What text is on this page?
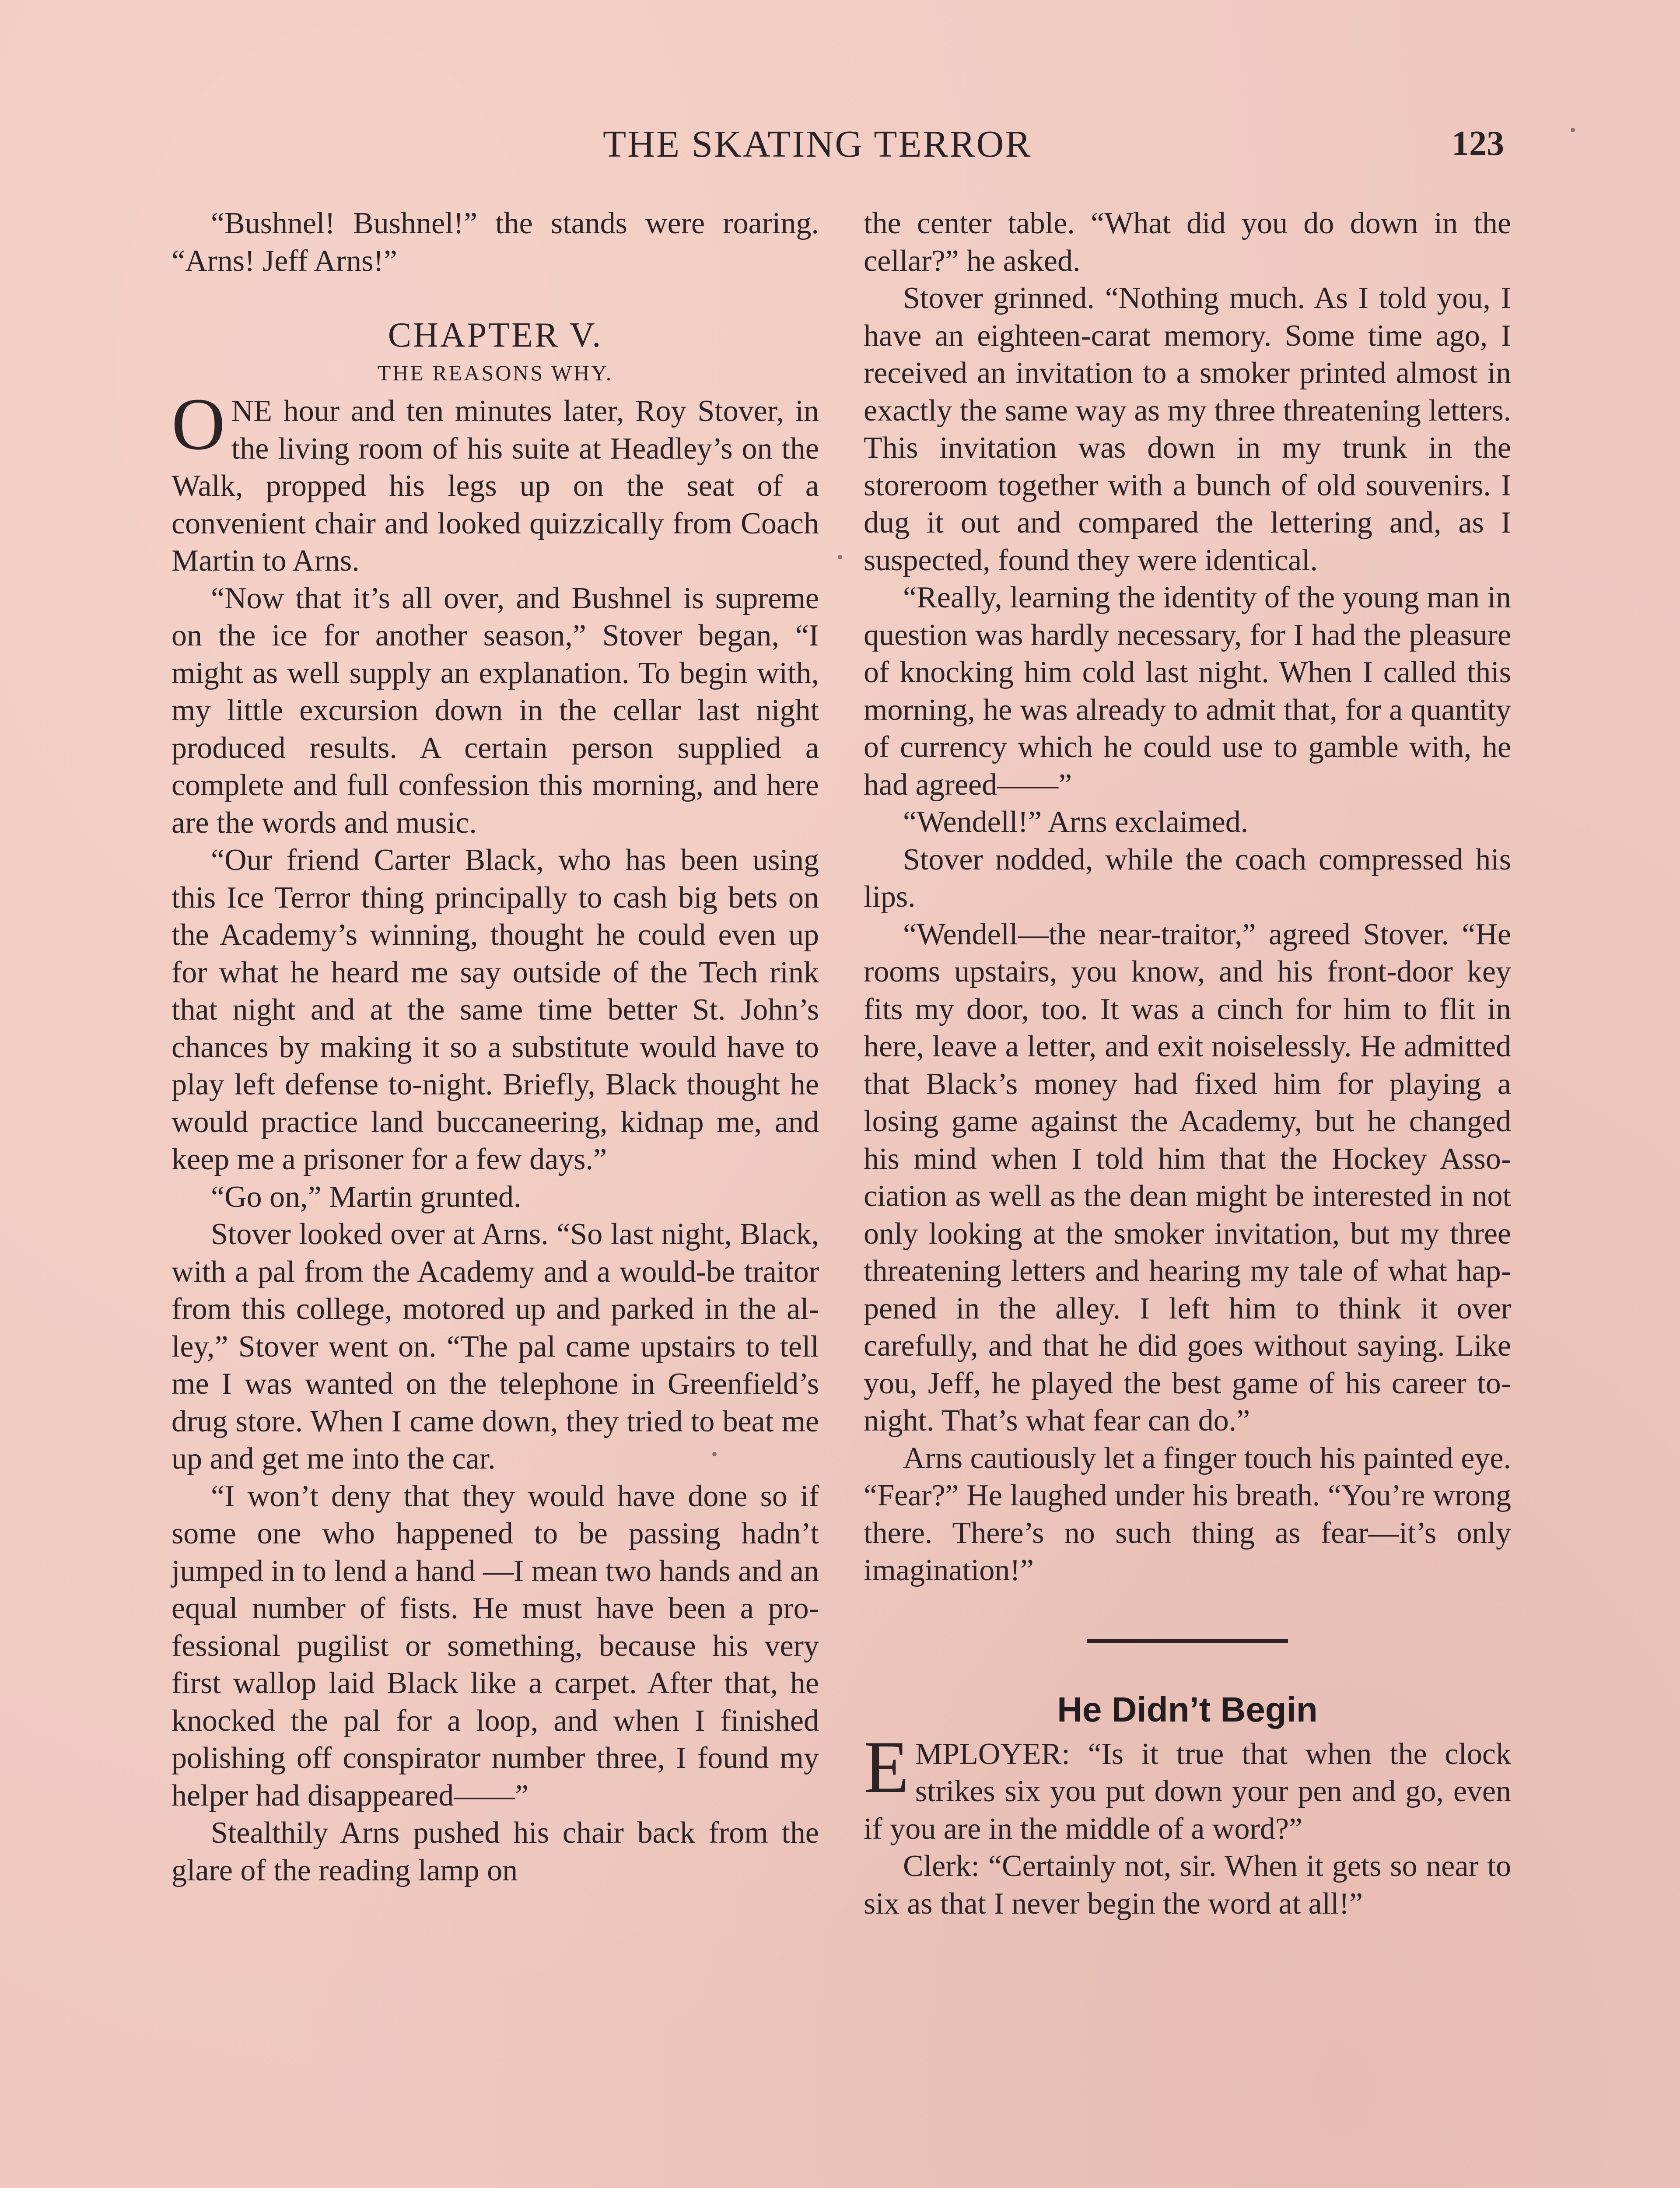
THE SKATING TERROR	123

“Bushnel! Bushnel!” the stands were roaring. “Arns! Jeff Arns!”

CHAPTER V.
THE REASONS WHY.

ONE hour and ten minutes later, Roy Stover, in the living room of his suite at Headley’s on the Walk, propped his legs up on the seat of a convenient chair and looked quizzically from Coach Martin to Arns.

“Now that it’s all over, and Bushnel is supreme on the ice for another season,” Stover began, “I might as well supply an explanation. To begin with, my little excursion down in the cellar last night produced results. A certain person supplied a complete and full confession this morning, and here are the words and music.

“Our friend Carter Black, who has been using this Ice Terror thing principally to cash big bets on the Academy’s winning, thought he could even up for what he heard me say outside of the Tech rink that night and at the same time better St. John’s chances by making it so a substitute would have to play left defense to-night. Briefly, Black thought he would practice land buccaneering, kidnap me, and keep me a prisoner for a few days.”

“Go on,” Martin grunted.

Stover looked over at Arns. “So last night, Black, with a pal from the Academy and a would-be traitor from this college, motored up and parked in the alley,” Stover went on. “The pal came upstairs to tell me I was wanted on the telephone in Greenfield’s drug store. When I came down, they tried to beat me up and get me into the car.

“I won’t deny that they would have done so if some one who happened to be passing hadn’t jumped in to lend a hand —I mean two hands and an equal number of fists. He must have been a professional pugilist or something, because his very first wallop laid Black like a carpet. After that, he knocked the pal for a loop, and when I finished polishing off conspirator number three, I found my helper had disappeared——”

Stealthily Arns pushed his chair back from the glare of the reading lamp on

the center table. “What did you do down in the cellar?” he asked.

Stover grinned. “Nothing much. As I told you, I have an eighteen-carat memory. Some time ago, I received an invitation to a smoker printed almost in exactly the same way as my three threatening letters. This invitation was down in my trunk in the storeroom together with a bunch of old souvenirs. I dug it out and compared the lettering and, as I suspected, found they were identical.

“Really, learning the identity of the young man in question was hardly necessary, for I had the pleasure of knocking him cold last night. When I called this morning, he was already to admit that, for a quantity of currency which he could use to gamble with, he had agreed——”

“Wendell!” Arns exclaimed.

Stover nodded, while the coach compressed his lips.

“Wendell—the near-traitor,” agreed Stover. “He rooms upstairs, you know, and his front-door key fits my door, too. It was a cinch for him to flit in here, leave a letter, and exit noiselessly. He admitted that Black’s money had fixed him for playing a losing game against the Academy, but he changed his mind when I told him that the Hockey Association as well as the dean might be interested in not only looking at the smoker invitation, but my three threatening letters and hearing my tale of what happened in the alley. I left him to think it over carefully, and that he did goes without saying. Like you, Jeff, he played the best game of his career to-night. That’s what fear can do.”

Arns cautiously let a finger touch his painted eye. “Fear?” He laughed under his breath. “You’re wrong there. There’s no such thing as fear—it’s only imagination!”

He Didn’t Begin

EMPLOYER: “Is it true that when the clock strikes six you put down your pen and go, even if you are in the middle of a word?”

Clerk: “Certainly not, sir. When it gets so near to six as that I never begin the word at all!”
